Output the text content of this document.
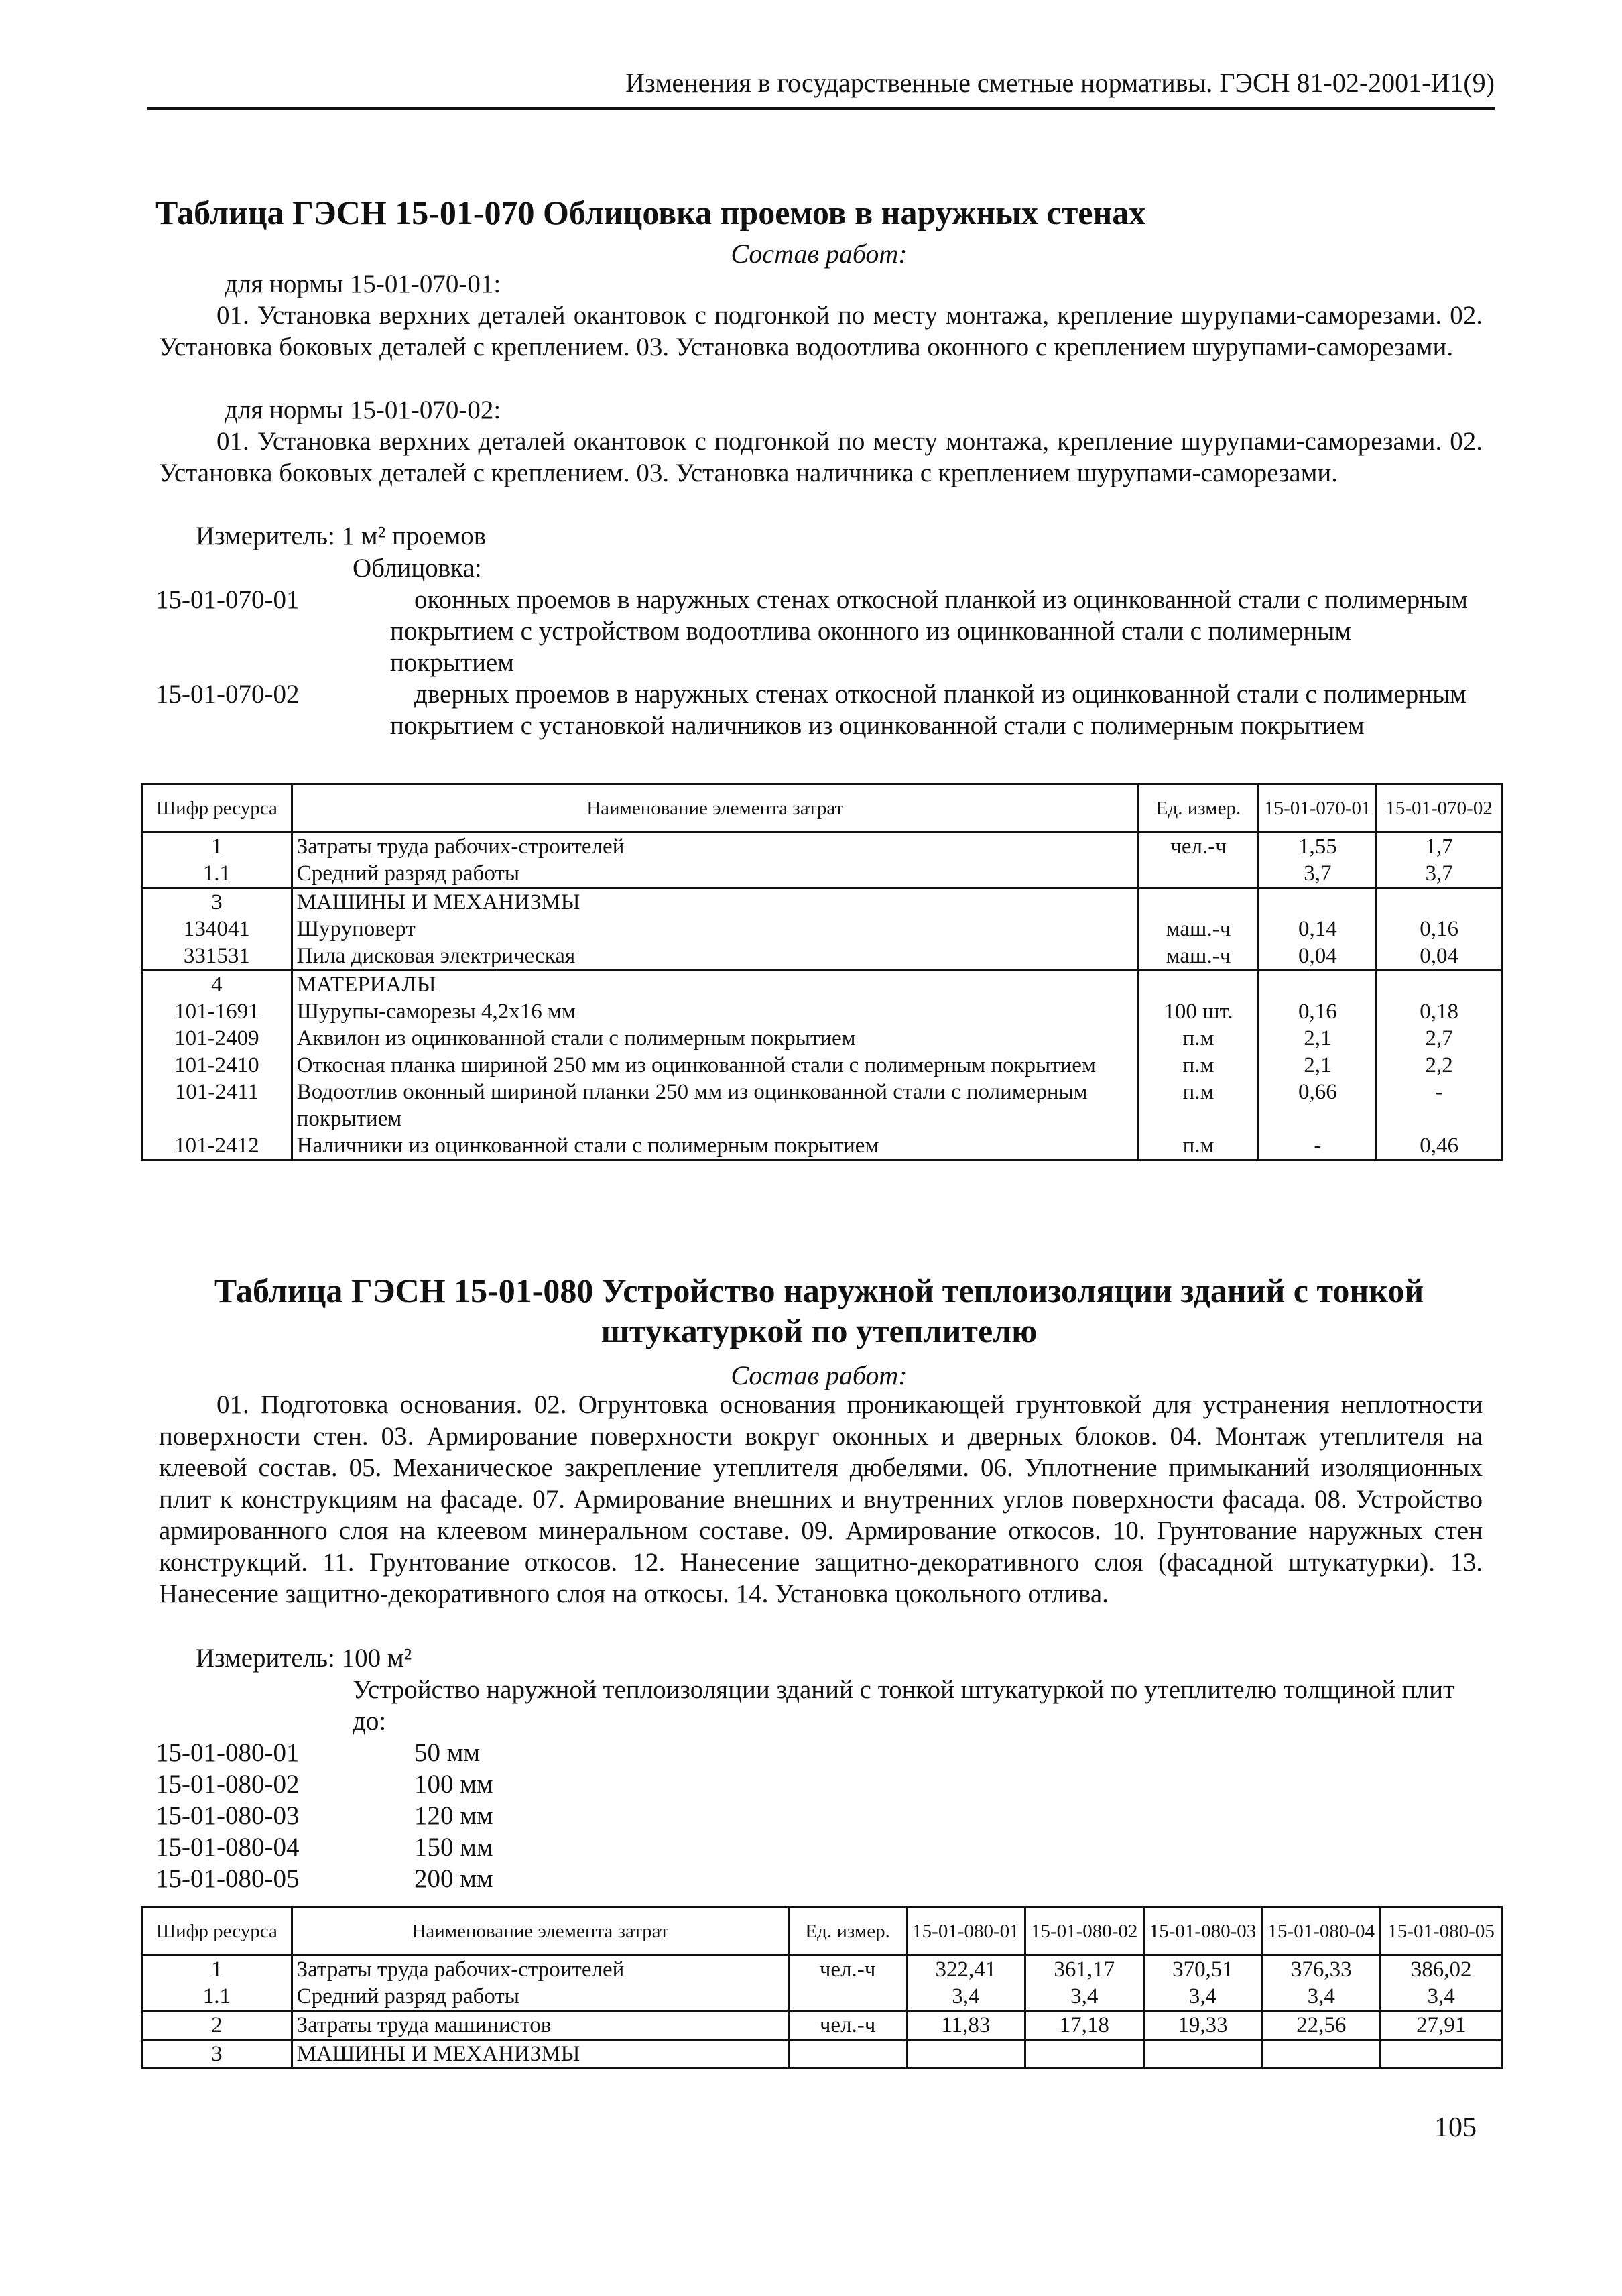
Изменения в государственные сметные нормативы. ГЭСН 81-02-2001-И1(9)
Таблица ГЭСН 15-01-070 Облицовка проемов в наружных стенах
Состав работ:
для нормы 15-01-070-01:
01. Установка верхних деталей окантовок с подгонкой по месту монтажа, крепление шурупами-саморезами. 02. Установка боковых деталей с креплением. 03. Установка водоотлива оконного с креплением шурупами-саморезами.
для нормы 15-01-070-02:
01. Установка верхних деталей окантовок с подгонкой по месту монтажа, крепление шурупами-саморезами. 02. Установка боковых деталей с креплением. 03. Установка наличника с креплением шурупами-саморезами.
Измеритель: 1 м² проемов
Облицовка:
15-01-070-01	оконных проемов в наружных стенах откосной планкой из оцинкованной стали с полимерным покрытием с устройством водоотлива оконного из оцинкованной стали с полимерным покрытием
15-01-070-02	дверных проемов в наружных стенах откосной планкой из оцинкованной стали с полимерным покрытием с установкой наличников из оцинкованной стали с полимерным покрытием
Шифр ресурса	Наименование элемента затрат	Ед. измер.	15-01-070-01	15-01-070-02
1	Затраты труда рабочих-строителей	чел.-ч	1,55	1,7
1.1	Средний разряд работы		3,7	3,7
3	МАШИНЫ И МЕХАНИЗМЫ			
134041	Шуруповерт	маш.-ч	0,14	0,16
331531	Пила дисковая электрическая	маш.-ч	0,04	0,04
4	МАТЕРИАЛЫ			
101-1691	Шурупы-саморезы 4,2х16 мм	100 шт.	0,16	0,18
101-2409	Аквилон из оцинкованной стали с полимерным покрытием	п.м	2,1	2,7
101-2410	Откосная планка шириной 250 мм из оцинкованной стали с полимерным покрытием	п.м	2,1	2,2
101-2411	Водоотлив оконный шириной планки 250 мм из оцинкованной стали с полимерным покрытием	п.м	0,66	-
101-2412	Наличники из оцинкованной стали с полимерным покрытием	п.м	-	0,46
Таблица ГЭСН 15-01-080 Устройство наружной теплоизоляции зданий с тонкой
штукатуркой по утеплителю
Состав работ:
01. Подготовка основания. 02. Огрунтовка основания проникающей грунтовкой для устранения неплотности поверхности стен. 03. Армирование поверхности вокруг оконных и дверных блоков. 04. Монтаж утеплителя на клеевой состав. 05. Механическое закрепление утеплителя дюбелями. 06. Уплотнение примыканий изоляционных плит к конструкциям на фасаде. 07. Армирование внешних и внутренних углов поверхности фасада. 08. Устройство армированного слоя на клеевом минеральном составе. 09. Армирование откосов. 10. Грунтование наружных стен конструкций. 11. Грунтование откосов. 12. Нанесение защитно-декоративного слоя (фасадной штукатурки). 13. Нанесение защитно-декоративного слоя на откосы. 14. Установка цокольного отлива.
Измеритель: 100 м²
Устройство наружной теплоизоляции зданий с тонкой штукатуркой по утеплителю толщиной плит до:
15-01-080-01	50 мм
15-01-080-02	100 мм
15-01-080-03	120 мм
15-01-080-04	150 мм
15-01-080-05	200 мм
Шифр ресурса	Наименование элемента затрат	Ед. измер.	15-01-080-01	15-01-080-02	15-01-080-03	15-01-080-04	15-01-080-05
1	Затраты труда рабочих-строителей	чел.-ч	322,41	361,17	370,51	376,33	386,02
1.1	Средний разряд работы		3,4	3,4	3,4	3,4	3,4
2	Затраты труда машинистов	чел.-ч	11,83	17,18	19,33	22,56	27,91
3	МАШИНЫ И МЕХАНИЗМЫ						
105
